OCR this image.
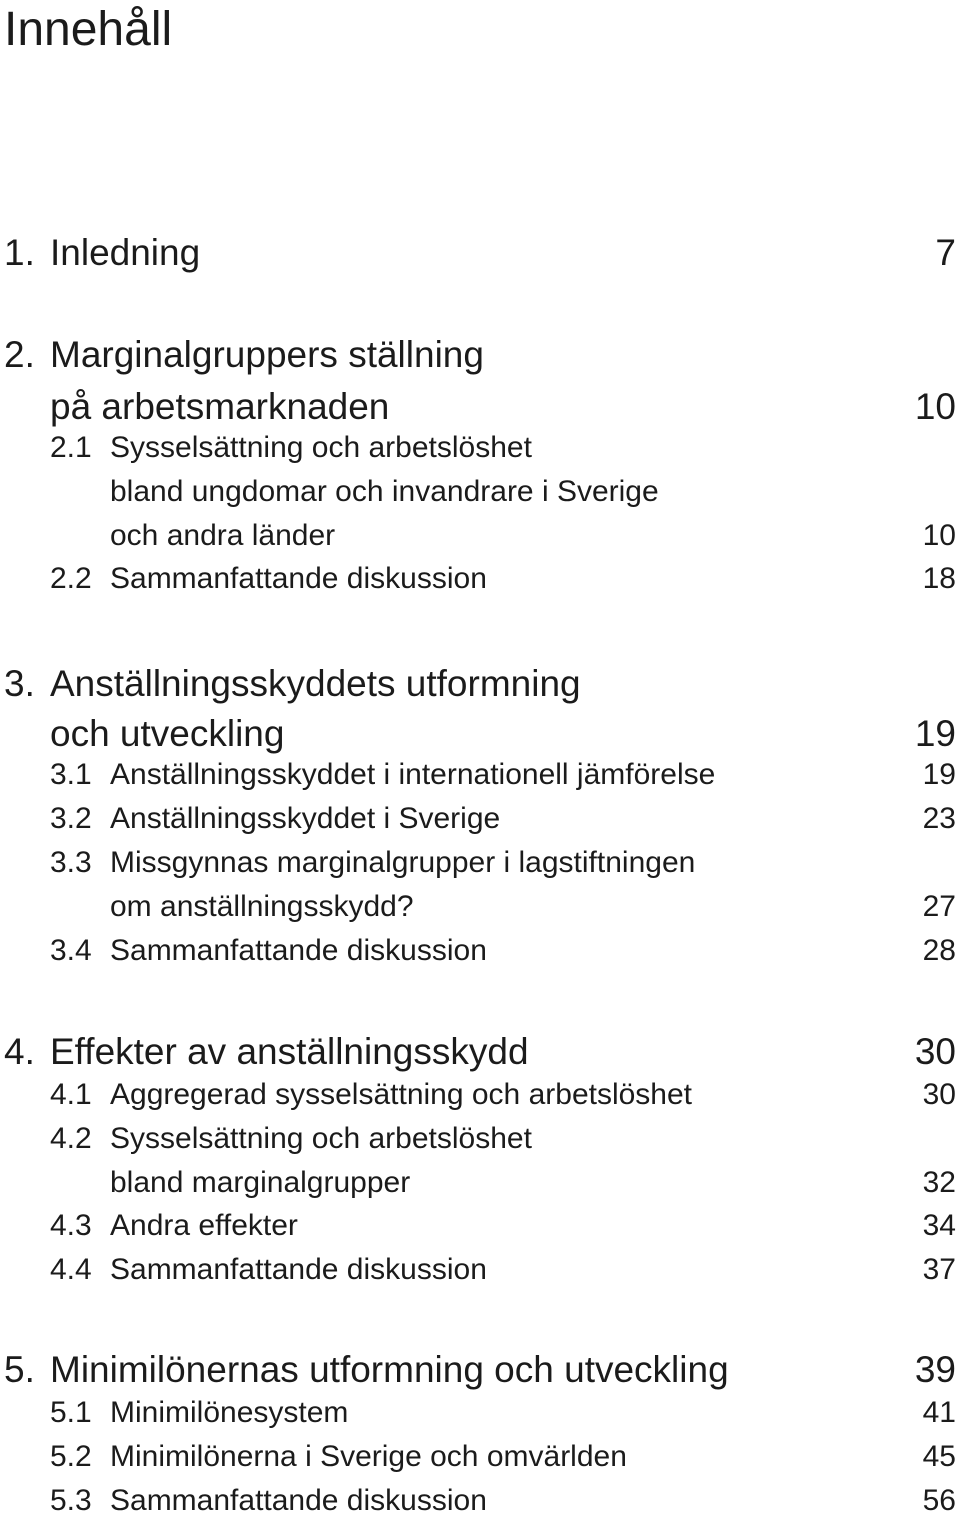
Innehåll
1. Inledning	7
2. Marginalgruppers ställning
på arbetsmarknaden	10
2.1 Sysselsättning och arbetslöshet
bland ungdomar och invandrare i Sverige
och andra länder	10
2.2 Sammanfattande diskussion	18
3. Anställningsskyddets utformning
och utveckling	19
3.1 Anställningsskyddet i internationell jämförelse	19
3.2 Anställningsskyddet i Sverige	23
3.3 Missgynnas marginalgrupper i lagstiftningen
om anställningsskydd?	27
3.4 Sammanfattande diskussion	28
4. Effekter av anställningsskydd	30
4.1 Aggregerad sysselsättning och arbetslöshet	30
4.2 Sysselsättning och arbetslöshet
bland marginalgrupper	32
4.3 Andra effekter	34
4.4 Sammanfattande diskussion	37
5. Minimilönernas utformning och utveckling	39
5.1 Minimilönesystem	41
5.2 Minimilönerna i Sverige och omvärlden	45
5.3 Sammanfattande diskussion	56
